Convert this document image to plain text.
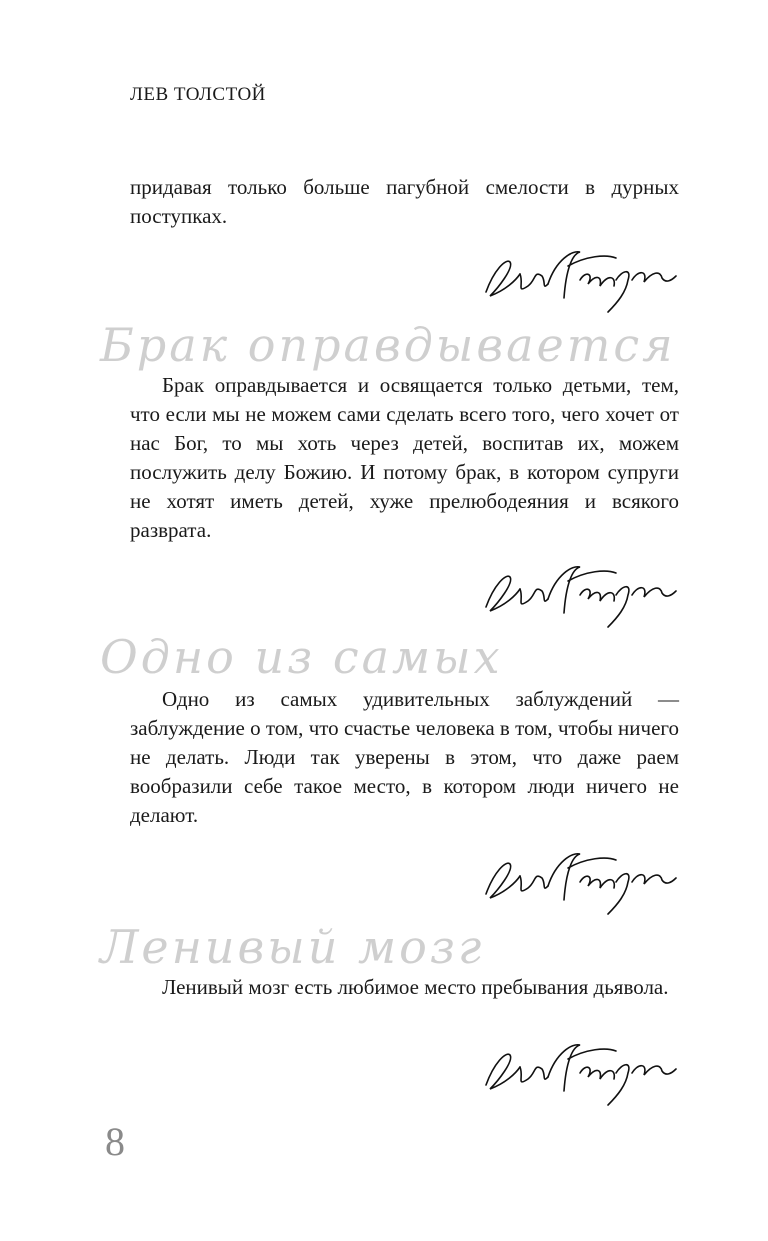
ЛЕВ ТОЛСТОЙ

придавая только больше пагубной смелости в дурных поступках.

Брак оправдывается

Брак оправдывается и освящается только детьми, тем, что если мы не можем сами сделать всего того, чего хочет от нас Бог, то мы хоть через детей, воспитав их, можем послужить делу Божию. И потому брак, в котором супруги не хотят иметь детей, хуже прелюбодеяния и всякого разврата.

Одно из самых

Одно из самых удивительных заблуждений — заблуждение о том, что счастье человека в том, чтобы ничего не делать. Люди так уверены в этом, что даже раем вообразили себе такое место, в котором люди ничего не делают.

Ленивый мозг

Ленивый мозг есть любимое место пребывания дьявола.

8
